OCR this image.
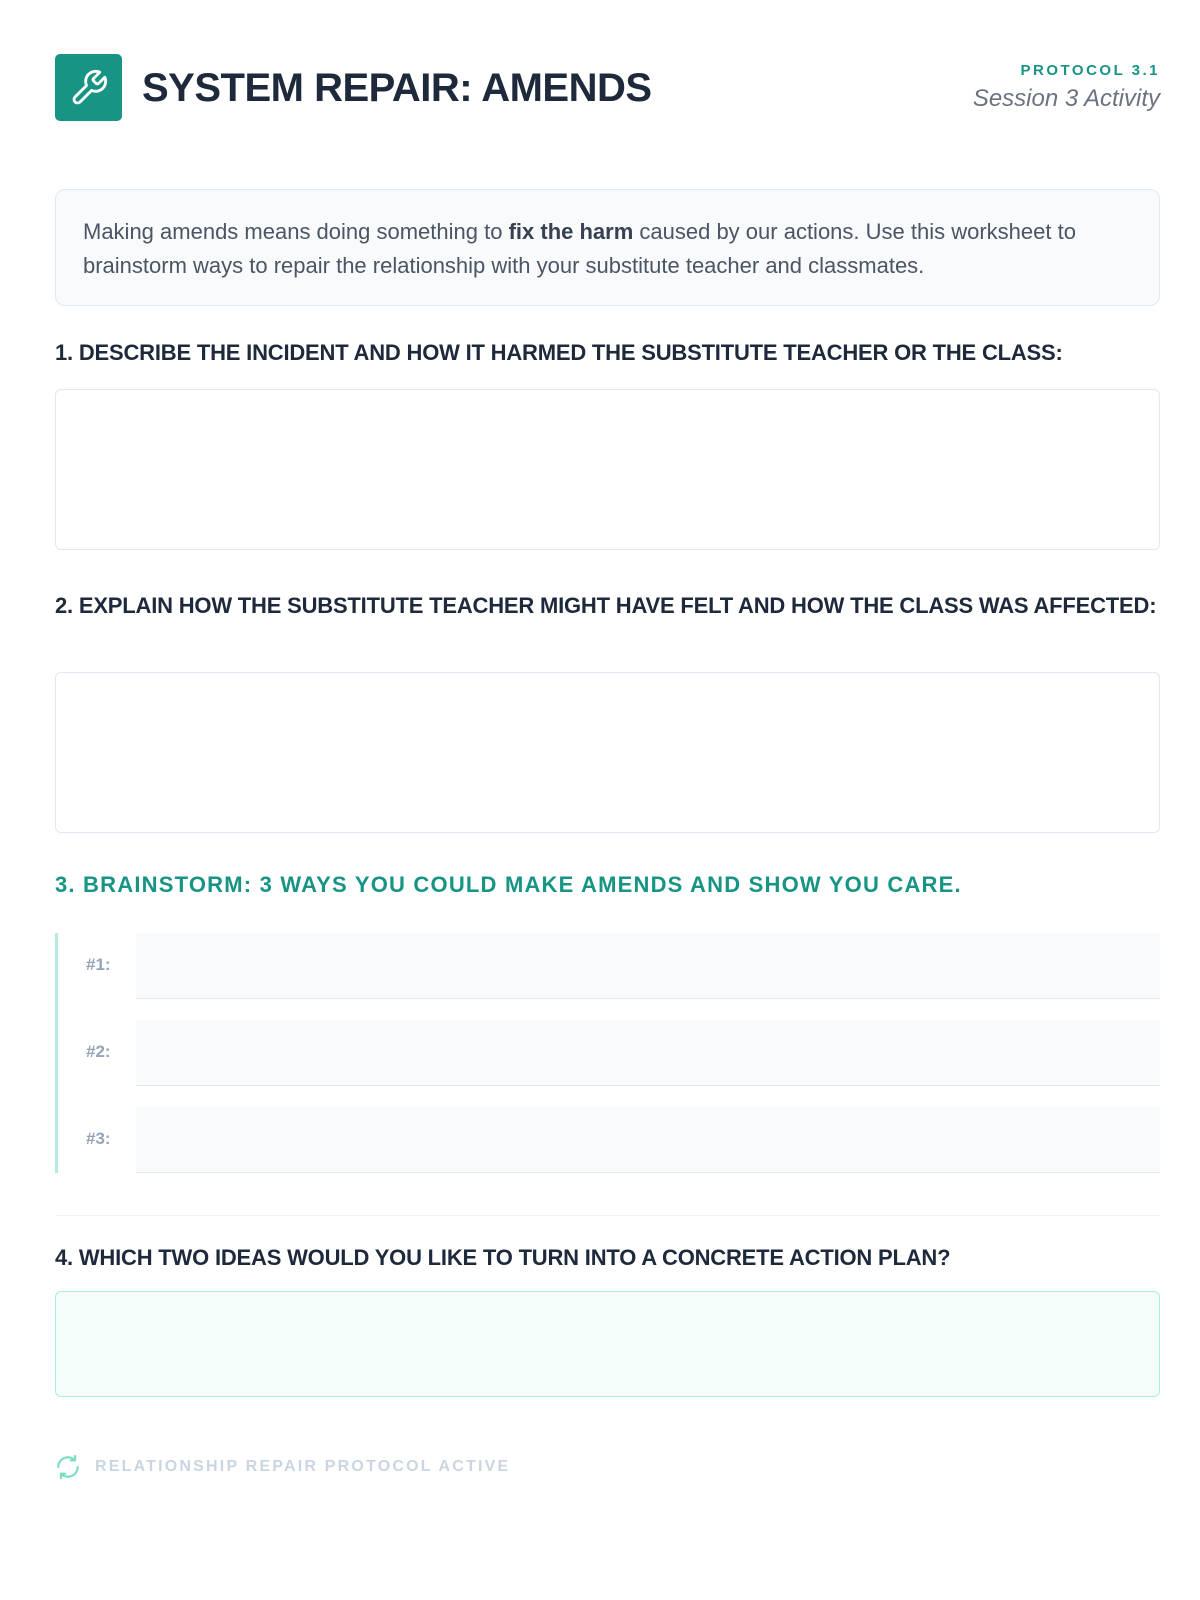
SYSTEM REPAIR: AMENDS	PROTOCOL 3.1
Session 3 Activity
Making amends means doing something to fix the harm caused by our actions. Use this worksheet to brainstorm ways to repair the relationship with your substitute teacher and classmates.

1. DESCRIBE THE INCIDENT AND HOW IT HARMED THE SUBSTITUTE TEACHER OR THE CLASS:

2. EXPLAIN HOW THE SUBSTITUTE TEACHER MIGHT HAVE FELT AND HOW THE CLASS WAS AFFECTED:

3. BRAINSTORM: 3 WAYS YOU COULD MAKE AMENDS AND SHOW YOU CARE.

#1:
#2:
#3:

4. WHICH TWO IDEAS WOULD YOU LIKE TO TURN INTO A CONCRETE ACTION PLAN?

RELATIONSHIP REPAIR PROTOCOL ACTIVE
